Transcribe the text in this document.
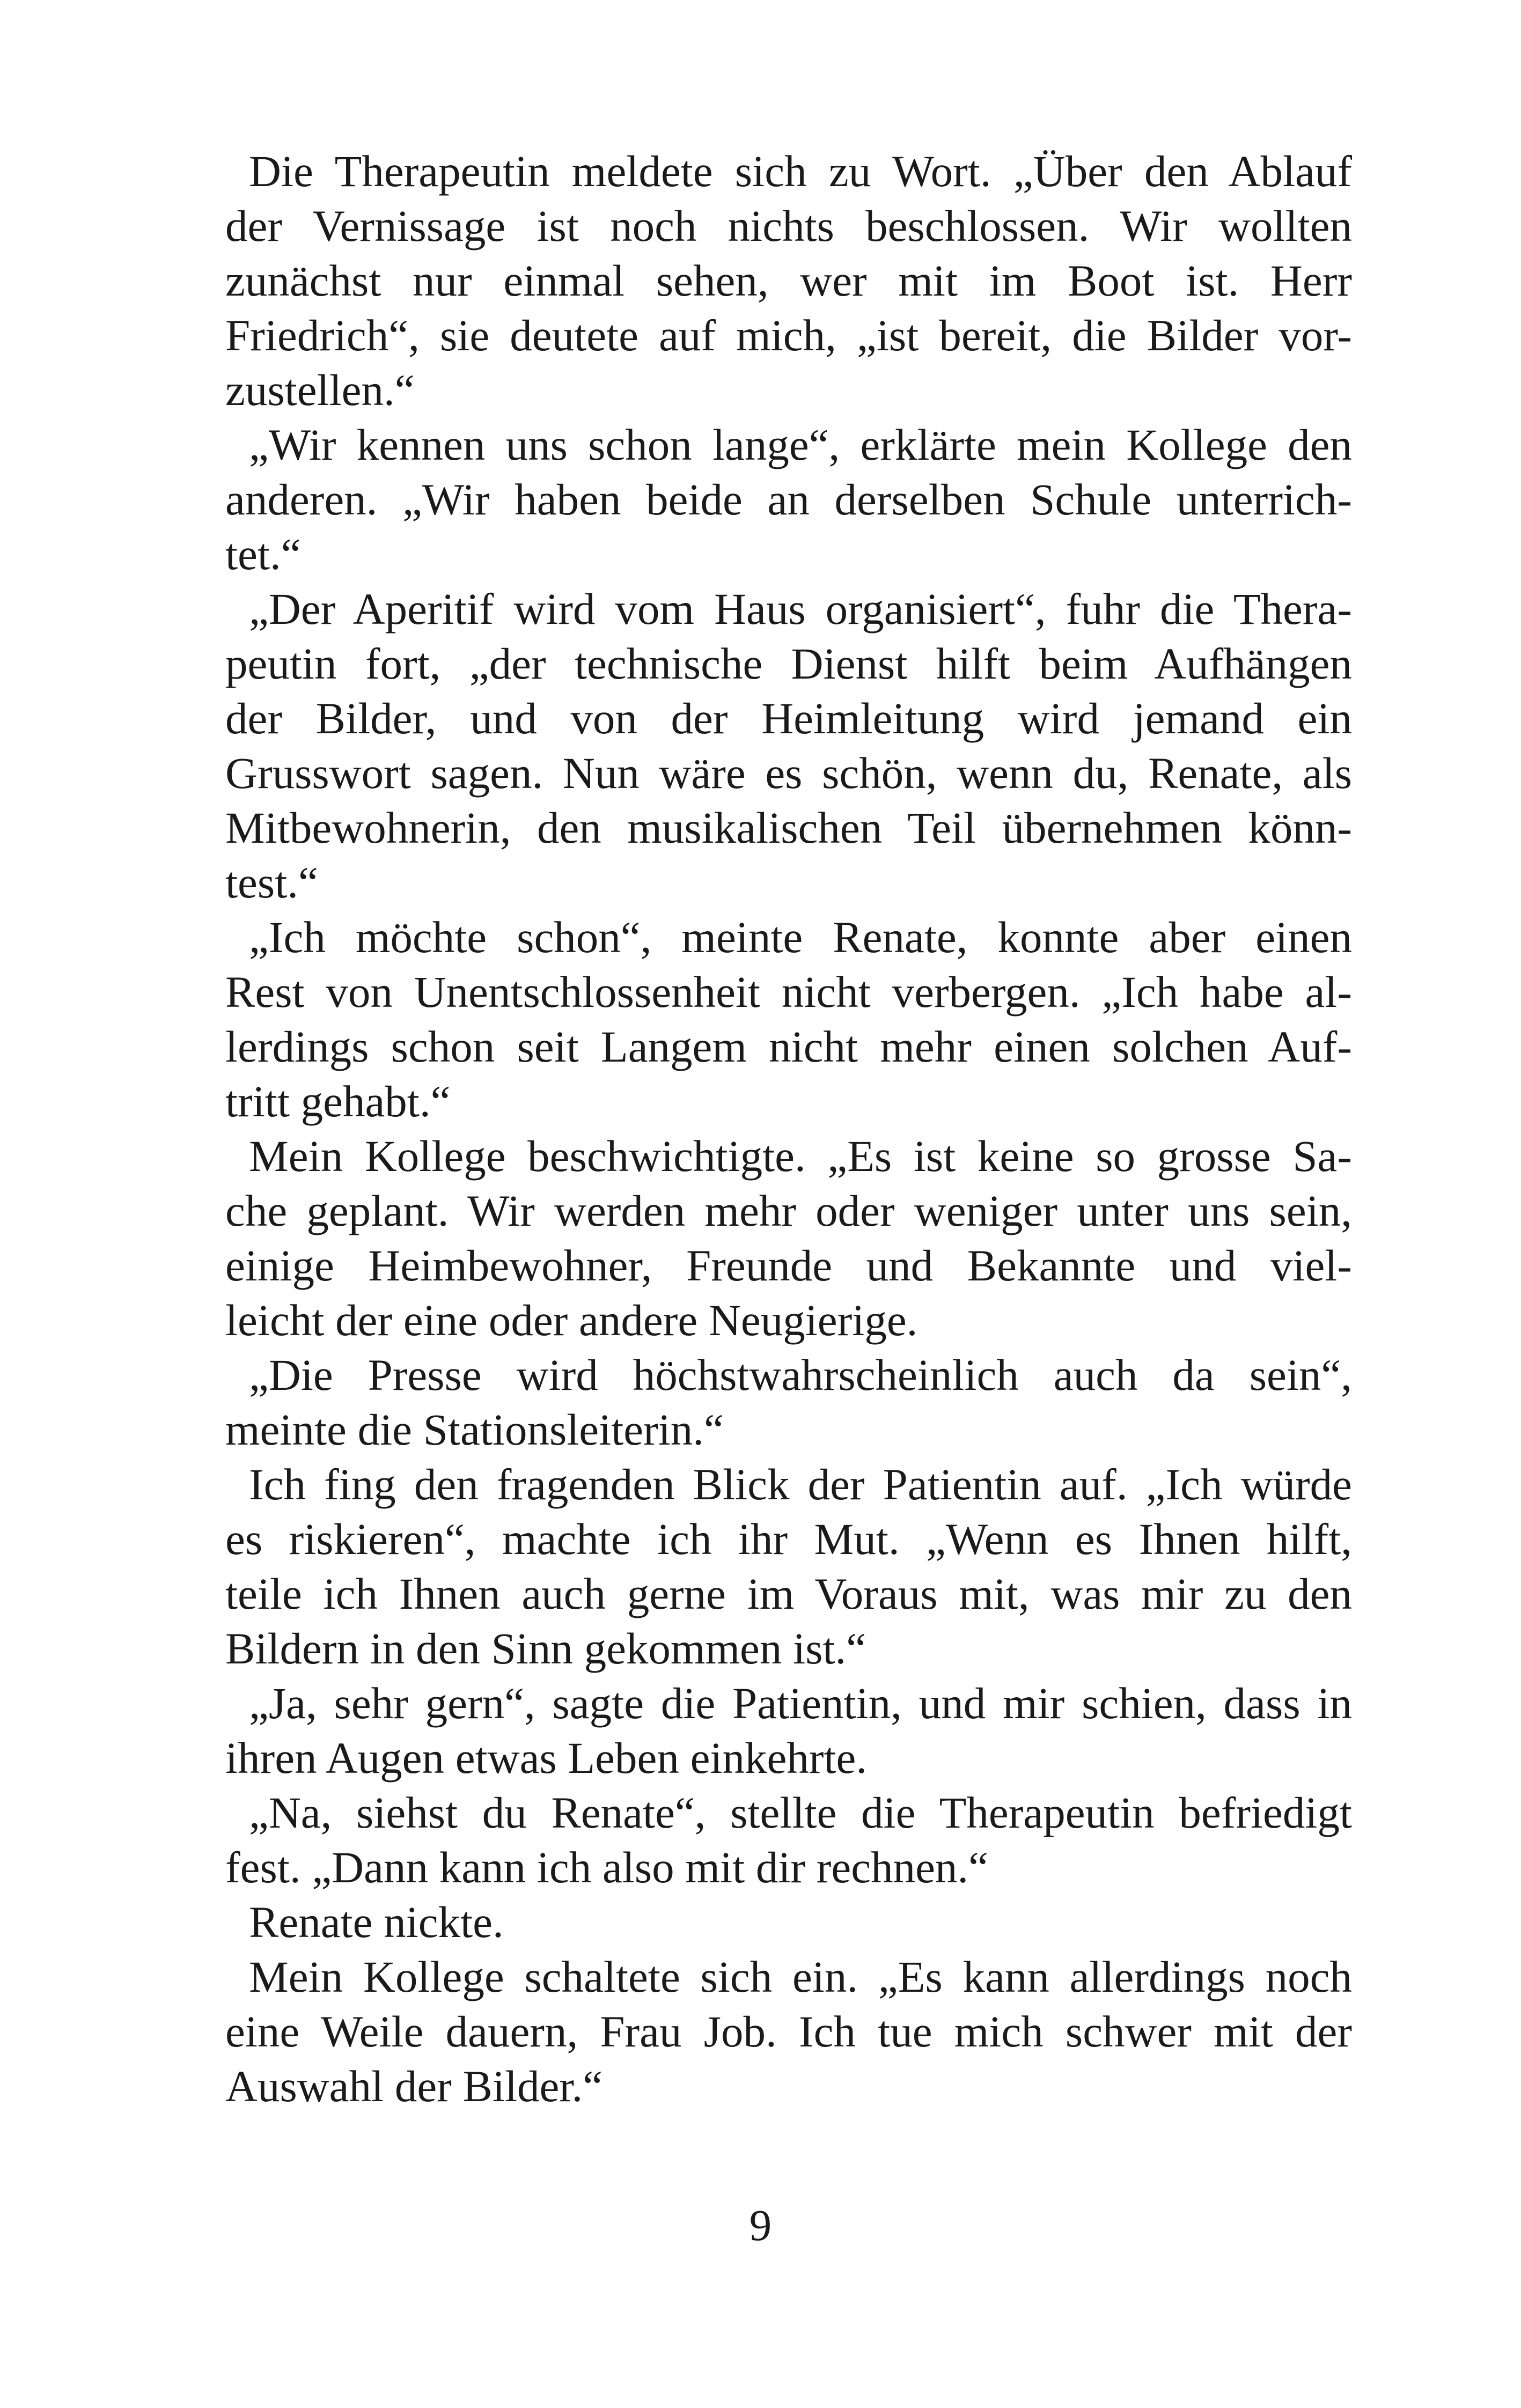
Die Therapeutin meldete sich zu Wort. „Über den Ablauf
der Vernissage ist noch nichts beschlossen. Wir wollten
zunächst nur einmal sehen, wer mit im Boot ist. Herr
Friedrich“, sie deutete auf mich, „ist bereit, die Bilder vor-
zustellen.“
„Wir kennen uns schon lange“, erklärte mein Kollege den
anderen. „Wir haben beide an derselben Schule unterrich-
tet.“
„Der Aperitif wird vom Haus organisiert“, fuhr die Thera-
peutin fort, „der technische Dienst hilft beim Aufhängen
der Bilder, und von der Heimleitung wird jemand ein
Grusswort sagen. Nun wäre es schön, wenn du, Renate, als
Mitbewohnerin, den musikalischen Teil übernehmen könn-
test.“
„Ich möchte schon“, meinte Renate, konnte aber einen
Rest von Unentschlossenheit nicht verbergen. „Ich habe al-
lerdings schon seit Langem nicht mehr einen solchen Auf-
tritt gehabt.“
Mein Kollege beschwichtigte. „Es ist keine so grosse Sa-
che geplant. Wir werden mehr oder weniger unter uns sein,
einige Heimbewohner, Freunde und Bekannte und viel-
leicht der eine oder andere Neugierige.
„Die Presse wird höchstwahrscheinlich auch da sein“,
meinte die Stationsleiterin.“
Ich fing den fragenden Blick der Patientin auf. „Ich würde
es riskieren“, machte ich ihr Mut. „Wenn es Ihnen hilft,
teile ich Ihnen auch gerne im Voraus mit, was mir zu den
Bildern in den Sinn gekommen ist.“
„Ja, sehr gern“, sagte die Patientin, und mir schien, dass in
ihren Augen etwas Leben einkehrte.
„Na, siehst du Renate“, stellte die Therapeutin befriedigt
fest. „Dann kann ich also mit dir rechnen.“
Renate nickte.
Mein Kollege schaltete sich ein. „Es kann allerdings noch
eine Weile dauern, Frau Job. Ich tue mich schwer mit der
Auswahl der Bilder.“
9
